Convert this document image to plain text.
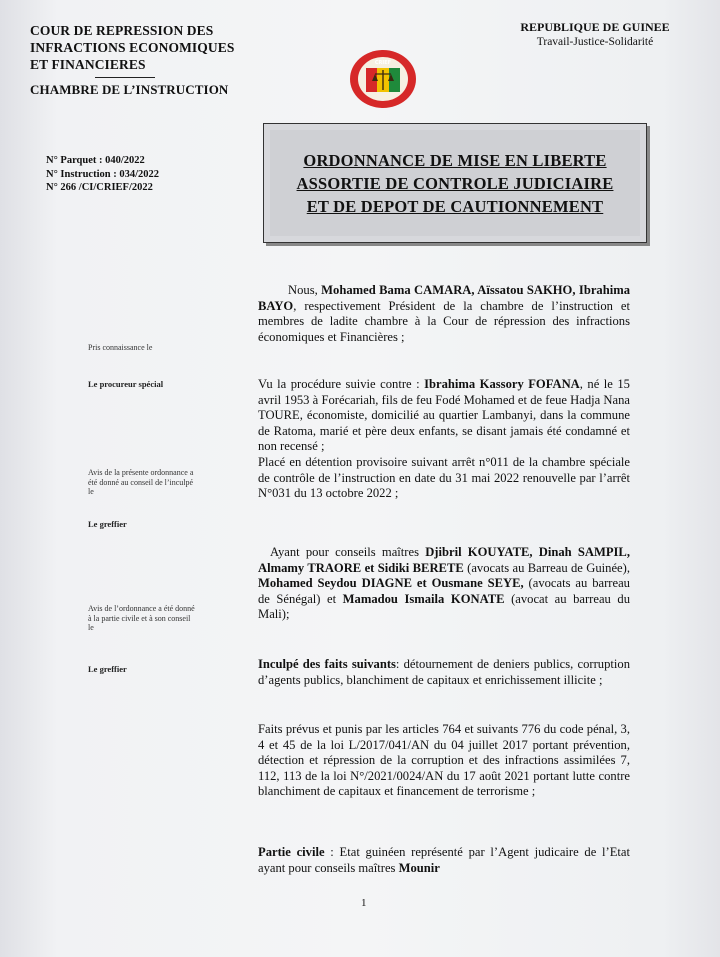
COUR DE REPRESSION DES
INFRACTIONS ECONOMIQUES
ET FINANCIERES
CHAMBRE DE L’INSTRUCTION
REPUBLIQUE DE GUINEE
Travail-Justice-Solidarité
CRIEF
N° Parquet : 040/2022
N° Instruction : 034/2022
N° 266 /CI/CRIEF/2022
ORDONNANCE DE MISE EN LIBERTE
ASSORTIE DE CONTROLE JUDICIAIRE
ET DE DEPOT DE CAUTIONNEMENT
Pris connaissance le
Le procureur spécial
Avis de la présente ordonnance a été donné au conseil de l’inculpé le
Le greffier
Avis de l’ordonnance a été donné à la partie civile et à son conseil le
Le greffier
Nous, Mohamed Bama CAMARA, Aïssatou SAKHO, Ibrahima BAYO, respectivement Président de la chambre de l’instruction et membres de ladite chambre à la Cour de répression des infractions économiques et Financières ;
Vu la procédure suivie contre : Ibrahima Kassory FOFANA, né le 15 avril 1953 à Forécariah, fils de feu Fodé Mohamed et de feue Hadja Nana TOURE, économiste, domicilié au quartier Lambanyi, dans la commune de Ratoma, marié et père deux enfants, se disant jamais été condamné et non recensé ;
Placé en détention provisoire suivant arrêt n°011 de la chambre spéciale de contrôle de l’instruction en date du 31 mai 2022 renouvelle par l’arrêt N°031 du 13 octobre 2022 ;
Ayant pour conseils maîtres Djibril KOUYATE, Dinah SAMPIL, Almamy TRAORE et Sidiki BERETE (avocats au Barreau de Guinée), Mohamed Seydou DIAGNE et Ousmane SEYE, (avocats au barreau de Sénégal) et Mamadou Ismaila KONATE (avocat au barreau du Mali);
Inculpé des faits suivants: détournement de deniers publics, corruption d’agents publics, blanchiment de capitaux et enrichissement illicite ;
Faits prévus et punis par les articles 764 et suivants 776 du code pénal, 3, 4 et 45 de la loi L/2017/041/AN du 04 juillet 2017 portant prévention, détection et répression de la corruption et des infractions assimilées 7, 112, 113 de la loi N°/2021/0024/AN du 17 août 2021 portant lutte contre blanchiment de capitaux et financement de terrorisme ;
Partie civile : Etat guinéen représenté par l’Agent judicaire de l’Etat ayant pour conseils maîtres Mounir
1
